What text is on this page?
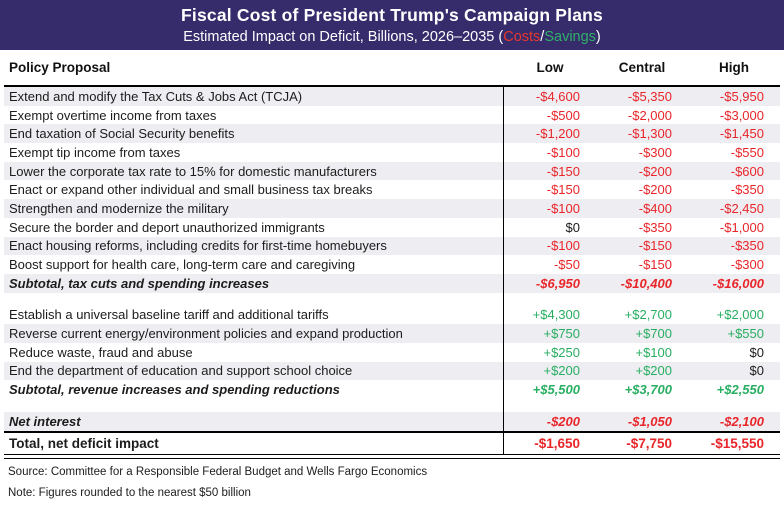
Fiscal Cost of President Trump's Campaign Plans
Estimated Impact on Deficit, Billions, 2026–2035 (Costs/Savings)
Policy Proposal	Low	Central	High
Extend and modify the Tax Cuts & Jobs Act (TCJA)	-$4,600	-$5,350	-$5,950
Exempt overtime income from taxes	-$500	-$2,000	-$3,000
End taxation of Social Security benefits	-$1,200	-$1,300	-$1,450
Exempt tip income from taxes	-$100	-$300	-$550
Lower the corporate tax rate to 15% for domestic manufacturers	-$150	-$200	-$600
Enact or expand other individual and small business tax breaks	-$150	-$200	-$350
Strengthen and modernize the military	-$100	-$400	-$2,450
Secure the border and deport unauthorized immigrants	$0	-$350	-$1,000
Enact housing reforms, including credits for first-time homebuyers	-$100	-$150	-$350
Boost support for health care, long-term care and caregiving	-$50	-$150	-$300
Subtotal, tax cuts and spending increases	-$6,950	-$10,400	-$16,000
Establish a universal baseline tariff and additional tariffs	+$4,300	+$2,700	+$2,000
Reverse current energy/environment policies and expand production	+$750	+$700	+$550
Reduce waste, fraud and abuse	+$250	+$100	$0
End the department of education and support school choice	+$200	+$200	$0
Subtotal, revenue increases and spending reductions	+$5,500	+$3,700	+$2,550
Net interest	-$200	-$1,050	-$2,100
Total, net deficit impact	-$1,650	-$7,750	-$15,550
Source: Committee for a Responsible Federal Budget and Wells Fargo Economics
Note: Figures rounded to the nearest $50 billion
